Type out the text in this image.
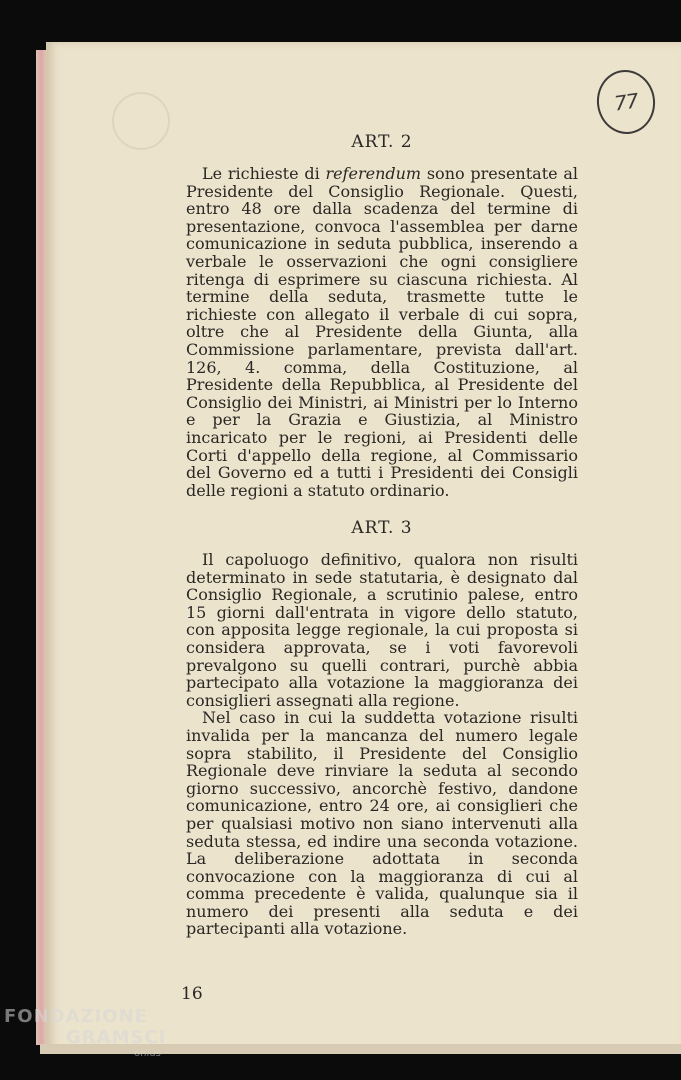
77
ART. 2

Le richieste di referendum sono presentate al Presidente del Consiglio Regionale. Questi, entro 48 ore dalla scadenza del termine di presentazione, convoca l'assemblea per darne comunicazione in seduta pubblica, inserendo a verbale le osservazioni che ogni consigliere ritenga di esprimere su ciascuna richiesta. Al termine della seduta, trasmette tutte le richieste con allegato il verbale di cui sopra, oltre che al Presidente della Giunta, alla Commissione parlamentare, prevista dall'art. 126, 4. comma, della Costituzione, al Presidente della Repubblica, al Presidente del Consiglio dei Ministri, ai Ministri per lo Interno e per la Grazia e Giustizia, al Ministro incaricato per le regioni, ai Presidenti delle Corti d'appello della regione, al Commissario del Governo ed a tutti i Presidenti dei Consigli delle regioni a statuto ordinario.

ART. 3

Il capoluogo definitivo, qualora non risulti determinato in sede statutaria, è designato dal Consiglio Regionale, a scrutinio palese, entro 15 giorni dall'entrata in vigore dello statuto, con apposita legge regionale, la cui proposta si considera approvata, se i voti favorevoli prevalgono su quelli contrari, purchè abbia partecipato alla votazione la maggioranza dei consiglieri assegnati alla regione.

Nel caso in cui la suddetta votazione risulti invalida per la mancanza del numero legale sopra stabilito, il Presidente del Consiglio Regionale deve rinviare la seduta al secondo giorno successivo, ancorchè festivo, dandone comunicazione, entro 24 ore, ai consiglieri che per qualsiasi motivo non siano intervenuti alla seduta stessa, ed indire una seconda votazione. La deliberazione adottata in seconda convocazione con la maggioranza di cui al comma precedente è valida, qualunque sia il numero dei presenti alla seduta e dei partecipanti alla votazione.

16
FONDAZIONE
GRAMSCI
onlus
